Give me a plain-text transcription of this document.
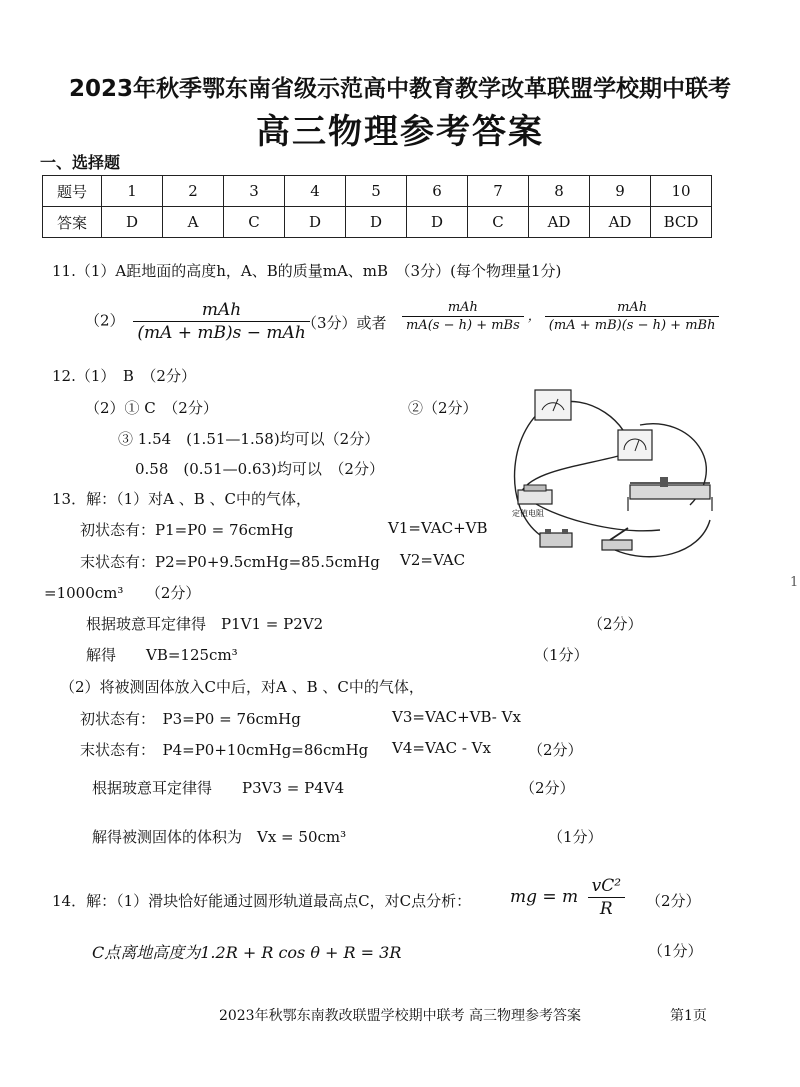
2023年秋季鄂东南省级示范高中教育教学改革联盟学校期中联考
高三物理参考答案
一、选择题
题号	1	2	3	4	5	6	7	8	9	10
答案	D	A	C	D	D	D	C	AD	AD	BCD
11.（1）A距地面的高度h，A、B的质量mA、mB　（3分）(每个物理量1分)
$(2) \frac{\text{mAh}}{\text{(mA + mB)s − mAh}}$
（3分）或者 $\frac{\text{mAh}}{\text{mA(s − h) + mBs}}$ ， $\frac{\text{mAh}}{\text{(mA + mB)(s − h) + mBh}}$
12.（1）　B　（2分）
（2）① C　（2分）	②（2分）
③ 1.54　(1.51—1.58)均可以（2分）
0.58　(0.51—0.63)均可以　（2分）
定值电阻
13．解：（1）对A 、B 、C中的气体，
初状态有：P1=P0 = 76cmHg	V1=VAC+VB
末状态有：P2=P0+9.5cmHg=85.5cmHg V2=VAC
=1000cm³　　（2分）
根据玻意耳定律得　P1V1 = P2V2	（2分）
解得　　VB=125cm³	（1分）
（2）将被测固体放入C中后，对A 、B 、C中的气体，
初状态有：　P3=P0 = 76cmHg	V3=VAC+VB- Vx
末状态有：　P4=P0+10cmHg=86cmHg V4=VAC - Vx （2分）
根据玻意耳定律得　　P3V3 = P4V4	（2分）
解得被测固体的体积为　Vx = 50cm³	（1分）
14．解：（1）滑块恰好能通过圆形轨道最高点C，对C点分析： mg = m $\frac{\text{vC²}}{R} (2$分）
C点离地高度为1.2R + R cos θ + R = 3R	（1分）
2023年秋鄂东南教改联盟学校期中联考 高三物理参考答案	第1页
1
